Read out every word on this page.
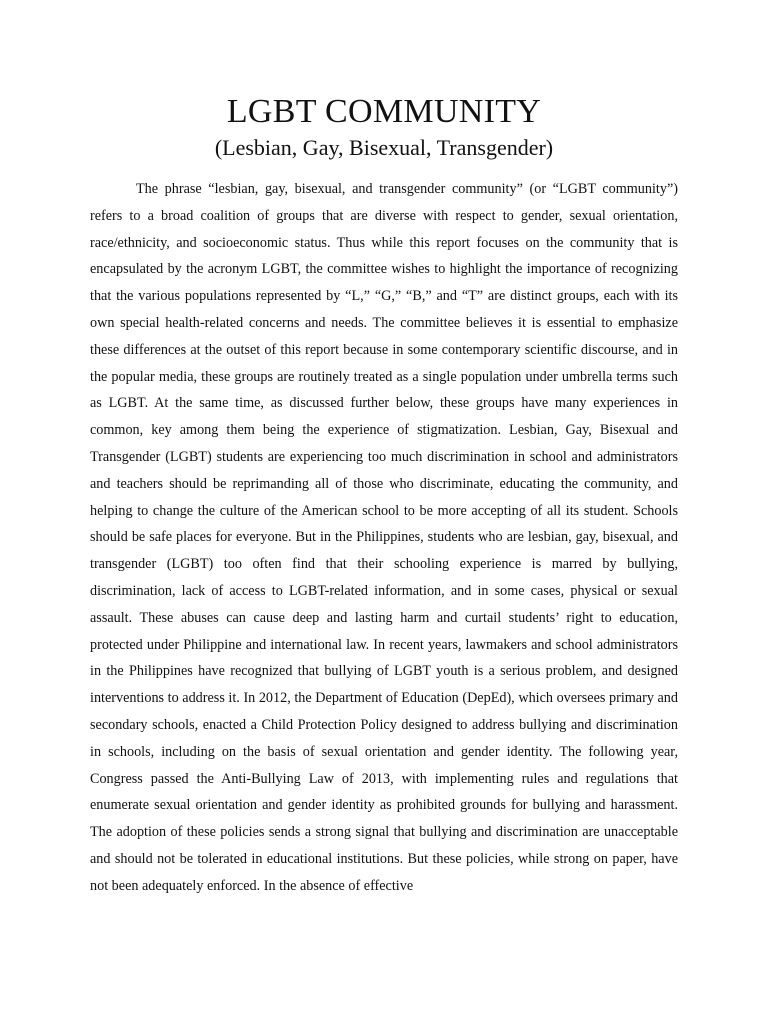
LGBT COMMUNITY
(Lesbian, Gay, Bisexual, Transgender)

The phrase “lesbian, gay, bisexual, and transgender community” (or “LGBT community”) refers to a broad coalition of groups that are diverse with respect to gender, sexual orientation, race/ethnicity, and socioeconomic status. Thus while this report focuses on the community that is encapsulated by the acronym LGBT, the committee wishes to highlight the importance of recognizing that the various populations represented by “L,” “G,” “B,” and “T” are distinct groups, each with its own special health-related concerns and needs. The committee believes it is essential to emphasize these differences at the outset of this report because in some contemporary scientific discourse, and in the popular media, these groups are routinely treated as a single population under umbrella terms such as LGBT. At the same time, as discussed further below, these groups have many experiences in common, key among them being the experience of stigmatization. Lesbian, Gay, Bisexual and Transgender (LGBT) students are experiencing too much discrimination in school and administrators and teachers should be reprimanding all of those who discriminate, educating the community, and helping to change the culture of the American school to be more accepting of all its student. Schools should be safe places for everyone. But in the Philippines, students who are lesbian, gay, bisexual, and transgender (LGBT) too often find that their schooling experience is marred by bullying, discrimination, lack of access to LGBT-related information, and in some cases, physical or sexual assault. These abuses can cause deep and lasting harm and curtail students’ right to education, protected under Philippine and international law. In recent years, lawmakers and school administrators in the Philippines have recognized that bullying of LGBT youth is a serious problem, and designed interventions to address it. In 2012, the Department of Education (DepEd), which oversees primary and secondary schools, enacted a Child Protection Policy designed to address bullying and discrimination in schools, including on the basis of sexual orientation and gender identity. The following year, Congress passed the Anti-Bullying Law of 2013, with implementing rules and regulations that enumerate sexual orientation and gender identity as prohibited grounds for bullying and harassment. The adoption of these policies sends a strong signal that bullying and discrimination are unacceptable and should not be tolerated in educational institutions. But these policies, while strong on paper, have not been adequately enforced. In the absence of effective
